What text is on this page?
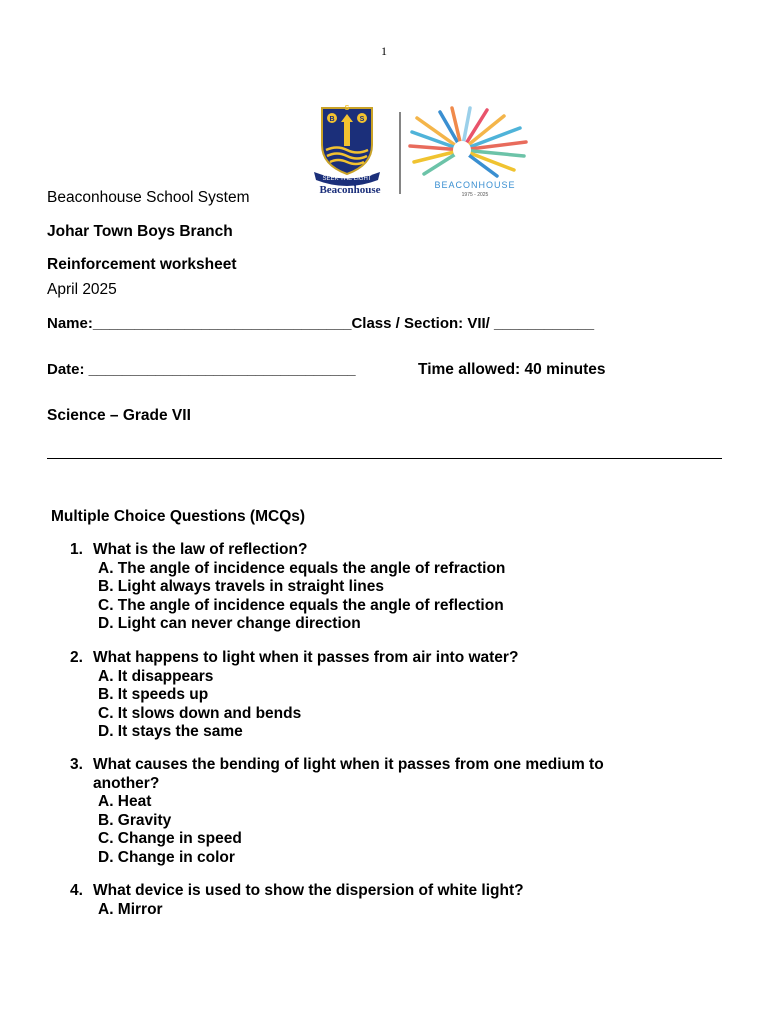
1
B
S
S
SEEK THE LIGHT
Beaconhouse	BEACONHOUSE
1975 - 2025
Beaconhouse School System
Johar Town Boys Branch
Reinforcement worksheet
April 2025
Name:_______________________________Class / Section: VII/ ____________
Date: ________________________________	Time allowed: 40 minutes
Science – Grade VII
Multiple Choice Questions (MCQs)
1. What is the law of reflection?
A. The angle of incidence equals the angle of refraction
B. Light always travels in straight lines
C. The angle of incidence equals the angle of reflection
D. Light can never change direction
2. What happens to light when it passes from air into water?
A. It disappears
B. It speeds up
C. It slows down and bends
D. It stays the same
3. What causes the bending of light when it passes from one medium to another?
A. Heat
B. Gravity
C. Change in speed
D. Change in color
4. What device is used to show the dispersion of white light?
A. Mirror
